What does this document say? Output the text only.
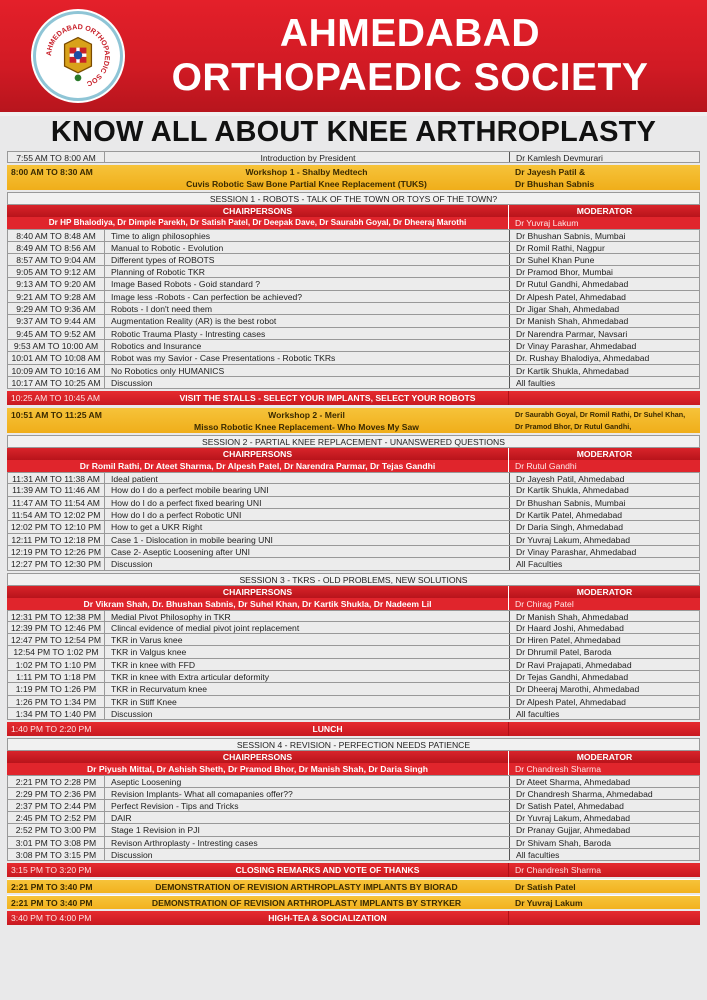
AHMEDABAD ORTHOPAEDIC SOC
AHMEDABAD
ORTHOPAEDIC SOCIETY
KNOW ALL ABOUT KNEE ARTHROPLASTY
7:55 AM TO 8:00 AM	Introduction by President	Dr Kamlesh Devmurari
8:00 AM TO 8:30 AM	Workshop 1 - Shalby Medtech	Dr Jayesh Patil &
Cuvis Robotic Saw Bone Partial Knee Replacement (TUKS)	Dr Bhushan Sabnis
SESSION 1 - ROBOTS - TALK OF THE TOWN OR TOYS OF THE TOWN?
CHAIRPERSONS	MODERATOR
Dr HP Bhalodiya, Dr Dimple Parekh, Dr Satish Patel, Dr Deepak Dave, Dr Saurabh Goyal, Dr Dheeraj Marothi	Dr Yuvraj Lakum
8:40 AM TO 8:48 AM	Time to align philosophies	Dr Bhushan Sabnis, Mumbai
8:49 AM TO 8:56 AM	Manual to Robotic - Evolution	Dr Romil Rathi, Nagpur
8:57 AM TO 9:04 AM	Different types of ROBOTS	Dr Suhel Khan Pune
9:05 AM TO 9:12 AM	Planning of Robotic TKR	Dr Pramod Bhor, Mumbai
9:13 AM TO 9:20 AM	Image Based Robots - Goid standard ?	Dr Rutul Gandhi, Ahmedabad
9:21 AM TO 9:28 AM	Image less -Robots - Can perfection be achieved?	Dr Alpesh Patel, Ahmedabad
9:29 AM TO 9:36 AM	Robots - I don't need them	Dr Jigar Shah, Ahmedabad
9:37 AM TO 9:44 AM	Augmentation Reality (AR) is the best robot	Dr Manish Shah, Ahmedabad
9:45 AM TO 9:52 AM	Robotic Trauma Plasty - Intresting cases	Dr Narendra Parmar, Navsari
9:53 AM TO 10:00 AM	Robotics and Insurance	Dr Vinay Parashar, Ahmedabad
10:01 AM TO 10:08 AM	Robot was my Savior - Case Presentations - Robotic TKRs	Dr. Rushay Bhalodiya, Ahmedabad
10:09 AM TO 10:16 AM	No Robotics only HUMANICS	Dr Kartik Shukla, Ahmedabad
10:17 AM TO 10:25 AM	Discussion	All faulties
10:25 AM TO 10:45 AM	VISIT THE STALLS - SELECT YOUR IMPLANTS, SELECT YOUR ROBOTS
10:51 AM TO 11:25 AM	Workshop 2 - Meril	Dr Saurabh Goyal, Dr Romil Rathi, Dr Suhel Khan,
Misso Robotic Knee Replacement- Who Moves My Saw	Dr Pramod Bhor, Dr Rutul Gandhi,
SESSION 2 - PARTIAL KNEE REPLACEMENT - UNANSWERED QUESTIONS
CHAIRPERSONS	MODERATOR
Dr Romil Rathi, Dr Ateet Sharma, Dr Alpesh Patel, Dr Narendra Parmar, Dr Tejas Gandhi	Dr Rutul Gandhi
11:31 AM TO 11:38 AM	Ideal patient	Dr Jayesh Patil, Ahmedabad
11:39 AM TO 11:46 AM	How do I do a perfect mobile bearing UNI	Dr Kartik Shukla, Ahmedabad
11:47 AM TO 11:54 AM	How do I do a perfect fixed bearing UNI	Dr Bhushan Sabnis, Mumbai
11:54 AM TO 12:02 PM	How do I do a perfect Robotic UNI	Dr Kartik Patel, Ahmedabad
12:02 PM TO 12:10 PM	How to get a UKR Right	Dr Daria Singh, Ahmedabad
12:11 PM TO 12:18 PM	Case 1 - Dislocation in mobile bearing UNI	Dr Yuvraj Lakum, Ahmedabad
12:19 PM TO 12:26 PM	Case 2- Aseptic Loosening after UNI	Dr Vinay Parashar, Ahmedabad
12:27 PM TO 12:30 PM	Discussion	All Faculties
SESSION 3 - TKRS - OLD PROBLEMS, NEW SOLUTIONS
CHAIRPERSONS	MODERATOR
Dr Vikram Shah, Dr. Bhushan Sabnis, Dr Suhel Khan, Dr Kartik Shukla, Dr Nadeem Lil	Dr Chirag Patel
12:31 PM TO 12:38 PM	Medial Pivot Philosophy in TKR	Dr Manish Shah, Ahmedabad
12:39 PM TO 12:46 PM	Clincal evidence of medial pivot joint replacement	Dr Haard Joshi, Ahmedabad
12:47 PM TO 12:54 PM	TKR in Varus knee	Dr Hiren Patel, Ahmedabad
12:54 PM TO 1:02 PM	TKR in Valgus knee	Dr Dhrumil Patel, Baroda
1:02 PM TO 1:10 PM	TKR in knee with FFD	Dr Ravi Prajapati, Ahmedabad
1:11 PM TO 1:18 PM	TKR in knee with Extra articular deformity	Dr Tejas Gandhi, Ahmedabad
1:19 PM TO 1:26 PM	TKR in Recurvatum knee	Dr Dheeraj Marothi, Ahmedabad
1:26 PM TO 1:34 PM	TKR in Stiff Knee	Dr Alpesh Patel, Ahmedabad
1:34 PM TO 1:40 PM	Discussion	All faculties
1:40 PM TO 2:20 PM	LUNCH
SESSION 4 - REVISION - PERFECTION NEEDS PATIENCE
CHAIRPERSONS	MODERATOR
Dr Piyush Mittal, Dr Ashish Sheth, Dr Pramod Bhor, Dr Manish Shah, Dr Daria Singh	Dr Chandresh Sharma
2:21 PM TO 2:28 PM	Aseptic Loosening	Dr Ateet Sharma, Ahmedabad
2:29 PM TO 2:36 PM	Revision Implants- What all comapanies offer??	Dr Chandresh Sharma, Ahmedabad
2:37 PM TO 2:44 PM	Perfect Revision - Tips and Tricks	Dr Satish Patel, Ahmedabad
2:45 PM TO 2:52 PM	DAIR	Dr Yuvraj Lakum, Ahmedabad
2:52 PM TO 3:00 PM	Stage 1 Revision in PJI	Dr Pranay Gujjar, Ahmedabad
3:01 PM TO 3:08 PM	Revison Arthroplasty - Intresting cases	Dr Shivam Shah, Baroda
3:08 PM TO 3:15 PM	Discussion	All faculties
3:15 PM TO 3:20 PM	CLOSING REMARKS AND VOTE OF THANKS	Dr Chandresh Sharma
2:21 PM TO 3:40 PM	DEMONSTRATION OF REVISION ARTHROPLASTY IMPLANTS BY BIORAD	Dr Satish Patel
2:21 PM TO 3:40 PM	DEMONSTRATION OF REVISION ARTHROPLASTY IMPLANTS BY STRYKER	Dr Yuvraj Lakum
3:40 PM TO 4:00 PM	HIGH-TEA & SOCIALIZATION
